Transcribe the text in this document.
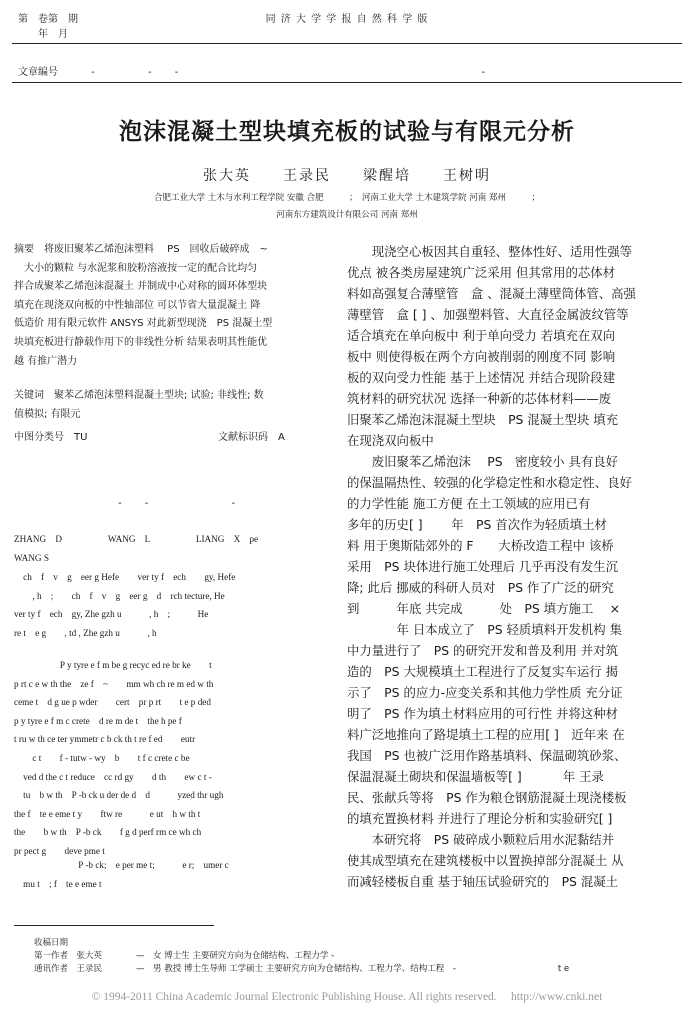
第　卷第　期
年　月
同 济 大 学 学 报 自 然 科 学 版
文章编号　　　 -　　　　　 -　　 -　　　　　　　　　　　　　　　　　　　　　　　　　　　　　　 -
泡沫混凝土型块填充板的试验与有限元分析
张大英　　王录民　　梁醒培　　王树明
合肥工业大学 土木与水利工程学院 安徽 合肥　　　；　河南工业大学 土木建筑学院 河南 郑州　　　；
河南东方建筑设计有限公司 河南 郑州
摘要　将废旧聚苯乙烯泡沫塑料　 PS　回收后破碎成　~
　大小的颗粒 与水泥浆和胶粉溶液按一定的配合比均匀
拌合成聚苯乙烯泡沫混凝土 并制成中心对称的圆环体型块
填充在现浇双向板的中性轴部位 可以节省大量混凝土 降
低造价 用有限元软件 ANSYS 对此新型现浇　PS 混凝土型
块填充板进行静载作用下的非线性分析 结果表明其性能优
越 有推广潜力
关键词　聚苯乙烯泡沫塑料混凝土型块; 试验; 非线性; 数
值模拟; 有限元
中图分类号　TU	文献标识码　A
-　　 -　　　　　　　　 -
ZHANG　D　　　　　WANG　L　　　　　LIANG　X　pe
WANG S
　ch　f　v　g　eer g Hefe　　ver ty f　ech　　gy, Hefe
　　, h　;　　ch　f　v　g　eer g　d　rch tecture, He
ver ty f　ech　gy, Zhe gzh u　　　, h　;　　　He
re t　e g　　, td , Zhe gzh u　　　, h
　　　　　P y tyre e f m be g recyc ed re br ke　　t
p rt c e w th the　ze f　~　　mm wh ch re m ed w th
ceme t　d g ue p wder　　cert　pr p rt　　t e p ded
p y tyre e f m c crete　d re m de t　the h pe f
t ru w th ce ter ymmetr c b ck th t re f ed　　eutr
　　c t　　f - tutw - wy　b　　t f c crete c be
　ved d the c t reduce　cc rd gy　　d th　　ew c t -
　tu　b w th　P -b ck u der de d　d　　　yzed thr ugh
the f　te e eme t y　　ftw re　　　e ut　h w th t
the　　b w th　P -b ck　　f g d perf rm ce wh ch
pr pect g　　deve pme t
　　　　　　　P -b ck;　e per me t;　　　e r;　umer c
　mu t　; f　te e eme t
　　现浇空心板因其自重轻、整体性好、适用性强等
优点 被各类房屋建筑广泛采用 但其常用的芯体材
料如高强复合薄壁管　盒 、混凝土薄壁筒体管、高强
薄壁管　盒 [ ] 、加强塑料管、大直径金属波纹管等
适合填充在单向板中 利于单向受力 若填充在双向
板中 则使得板在两个方向被削弱的刚度不同 影响
板的双向受力性能 基于上述情况 并结合现阶段建
筑材料的研究状况 选择一种新的芯体材料——废
旧聚苯乙烯泡沫混凝土型块　PS 混凝土型块 填充
在现浇双向板中
　　废旧聚苯乙烯泡沫　 PS　密度较小 具有良好
的保温隔热性、较强的化学稳定性和水稳定性、良好
的力学性能 施工方便 在土工领域的应用已有
多年的历史[ ]　　 年　PS 首次作为轻质填土材
料 用于奥斯陆郊外的 F　　大桥改造工程中 该桥
采用　PS 块体进行施工处理后 几乎再没有发生沉
降; 此后 挪威的科研人员对　PS 作了广泛的研究
到　　　年底 共完成　　　处　PS 填方施工　 ×
　　　　年 日本成立了　PS 轻质填料开发机构 集
中力量进行了　PS 的研究开发和普及利用 并对筑
造的　PS 大规模填土工程进行了反复实车运行 揭
示了　PS 的应力-应变关系和其他力学性质 充分证
明了　PS 作为填土材料应用的可行性 并将这种材
料广泛地推向了路堤填土工程的应用[ ]　近年来 在
我国　PS 也被广泛用作路基填料、保温砌筑砂浆、
保温混凝土砌块和保温墙板等[ ]　　　 年 王录
民、张献兵等将　PS 作为粮仓钢筋混凝土现浇楼板
的填充置换材料 并进行了理论分析和实验研究[ ]
　　本研究将　PS 破碎成小颗粒后用水泥黏结并
使其成型填充在建筑楼板中以置换掉部分混凝土 从
而减轻楼板自重 基于轴压试验研究的　PS 混凝土
收稿日期
第一作者　张大英　　　　—　女 博士生 主要研究方向为仓储结构、工程力学 -
通讯作者　王录民　　　　—　男 教授 博士生导师 工学硕士 主要研究方向为仓储结构、工程力学、结构工程　-　　　　　　　　　　　　t e
© 1994-2011 China Academic Journal Electronic Publishing House. All rights reserved.　 http://www.cnki.net
